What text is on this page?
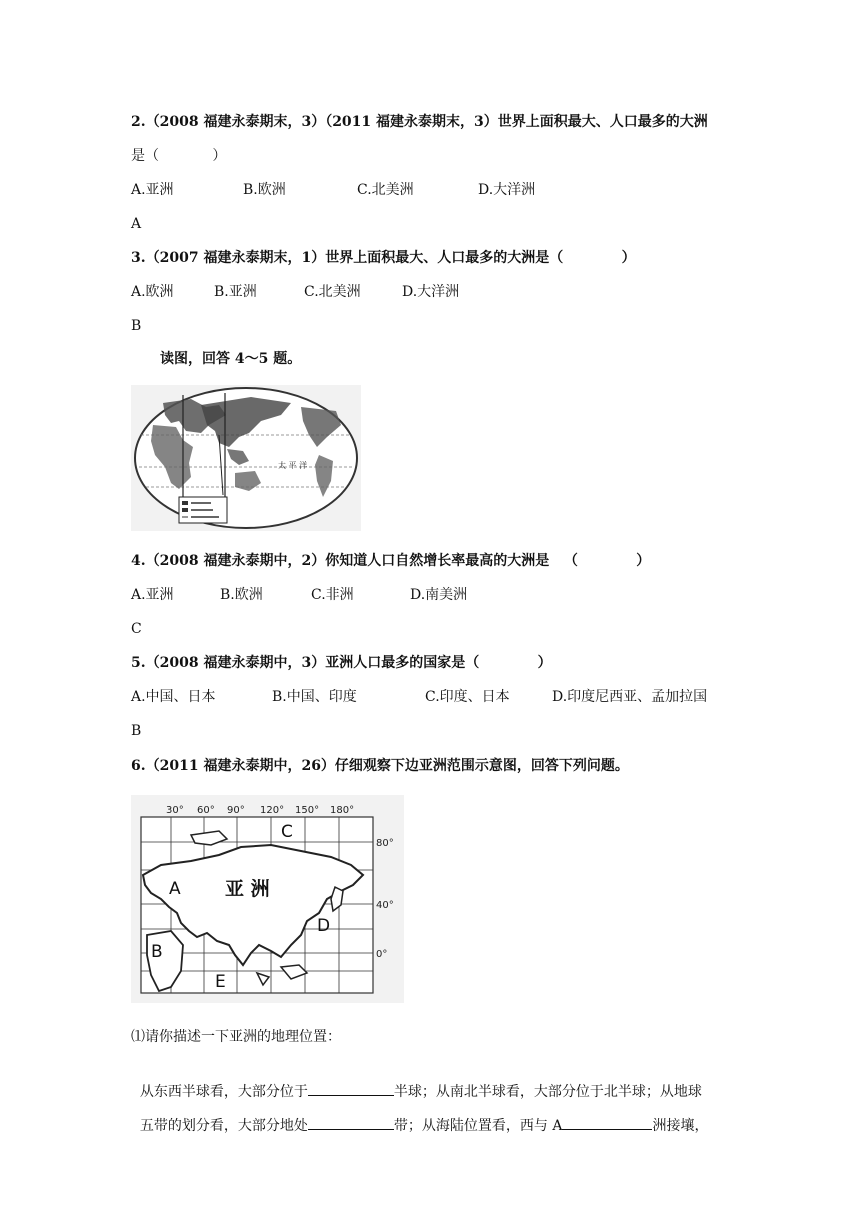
2.（2008 福建永泰期末，3）（2011 福建永泰期末，3）世界上面积最大、人口最多的大洲
是（            ）

A.亚洲

	B.欧洲

	C.北美洲

	D.大洋洲

A
3.（2007 福建永泰期末，1）世界上面积最大、人口最多的大洲是（            ）

A.欧洲

	B.亚洲

	C.北美洲

	D.大洋洲

B
读图，回答 4～5 题。
太 平 洋
4.（2008 福建永泰期中，2）你知道人口自然增长率最高的大洲是   （            ）

A.亚洲

	B.欧洲

	C.非洲

	D.南美洲

C
5.（2008 福建永泰期中，3）亚洲人口最多的国家是（            ）

A.中国、日本

	B.中国、印度

	C.印度、日本

	D.印度尼西亚、孟加拉国

B
6.（2011 福建永泰期中，26）仔细观察下边亚洲范围示意图，回答下列问题。
30° 60° 90° 120° 150° 180°
80°
40°
0°
亚 洲
A
B
C
D
E
⑴请你描述一下亚洲的地理位置：

从东西半球看，大部分位于	半球；从南北半球看，大部分位于北半球；从地球

五带的划分看，大部分地处	带；从海陆位置看，西与 A	洲接壤，
